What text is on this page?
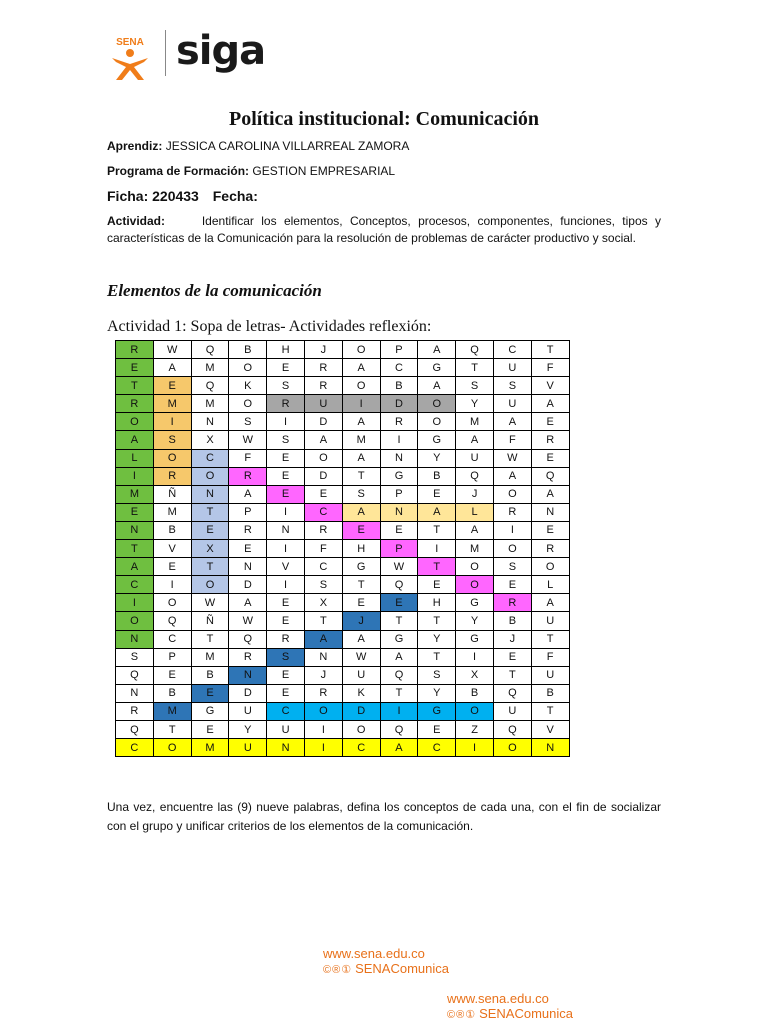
SENA siga
Política institucional: Comunicación
Aprendiz: JESSICA CAROLINA VILLARREAL ZAMORA
Programa de Formación: GESTION EMPRESARIAL
Ficha: 220433 Fecha:
Actividad:	Identificar los elementos, Conceptos, procesos, componentes, funciones, tipos y características de la Comunicación para la resolución de problemas de carácter productivo y social.
Elementos de la comunicación
Actividad 1: Sopa de letras- Actividades reflexión:
R	W	Q	B	H	J	O	P	A	Q	C	T
E	A	M	O	E	R	A	C	G	T	U	F
T	E	Q	K	S	R	O	B	A	S	S	V
R	M	M	O	R	U	I	D	O	Y	U	A
O	I	N	S	I	D	A	R	O	M	A	E
A	S	X	W	S	A	M	I	G	A	F	R
L	O	C	F	E	O	A	N	Y	U	W	E
I	R	O	R	E	D	T	G	B	Q	A	Q
M	Ñ	N	A	E	E	S	P	E	J	O	A
E	M	T	P	I	C	A	N	A	L	R	N
N	B	E	R	N	R	E	E	T	A	I	E
T	V	X	E	I	F	H	P	I	M	O	R
A	E	T	N	V	C	G	W	T	O	S	O
C	I	O	D	I	S	T	Q	E	O	E	L
I	O	W	A	E	X	E	E	H	G	R	A
O	Q	Ñ	W	E	T	J	T	T	Y	B	U
N	C	T	Q	R	A	A	G	Y	G	J	T
S	P	M	R	S	N	W	A	T	I	E	F
Q	E	B	N	E	J	U	Q	S	X	T	U
N	B	E	D	E	R	K	T	Y	B	Q	B
R	M	G	U	C	O	D	I	G	O	U	T
Q	T	E	Y	U	I	O	Q	E	Z	Q	V
C	O	M	U	N	I	C	A	C	I	O	N
Una vez, encuentre las (9) nueve palabras, defina los conceptos de cada una, con el fin de socializar con el grupo y unificar criterios de los elementos de la comunicación.
www.sena.edu.co
©®① SENAComunica
www.sena.edu.co
©®① SENAComunica
